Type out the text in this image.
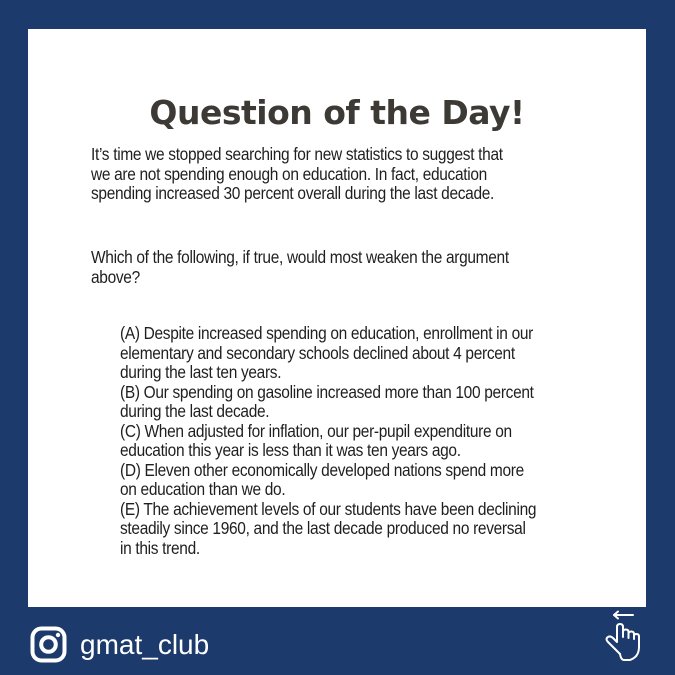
Question of the Day!
It’s time we stopped searching for new statistics to suggest that
we are not spending enough on education. In fact, education
spending increased 30 percent overall during the last decade.
Which of the following, if true, would most weaken the argument
above?
(A) Despite increased spending on education, enrollment in our
elementary and secondary schools declined about 4 percent
during the last ten years.
(B) Our spending on gasoline increased more than 100 percent
during the last decade.
(C) When adjusted for inflation, our per-pupil expenditure on
education this year is less than it was ten years ago.
(D) Eleven other economically developed nations spend more
on education than we do.
(E) The achievement levels of our students have been declining
steadily since 1960, and the last decade produced no reversal
in this trend.
gmat_club
